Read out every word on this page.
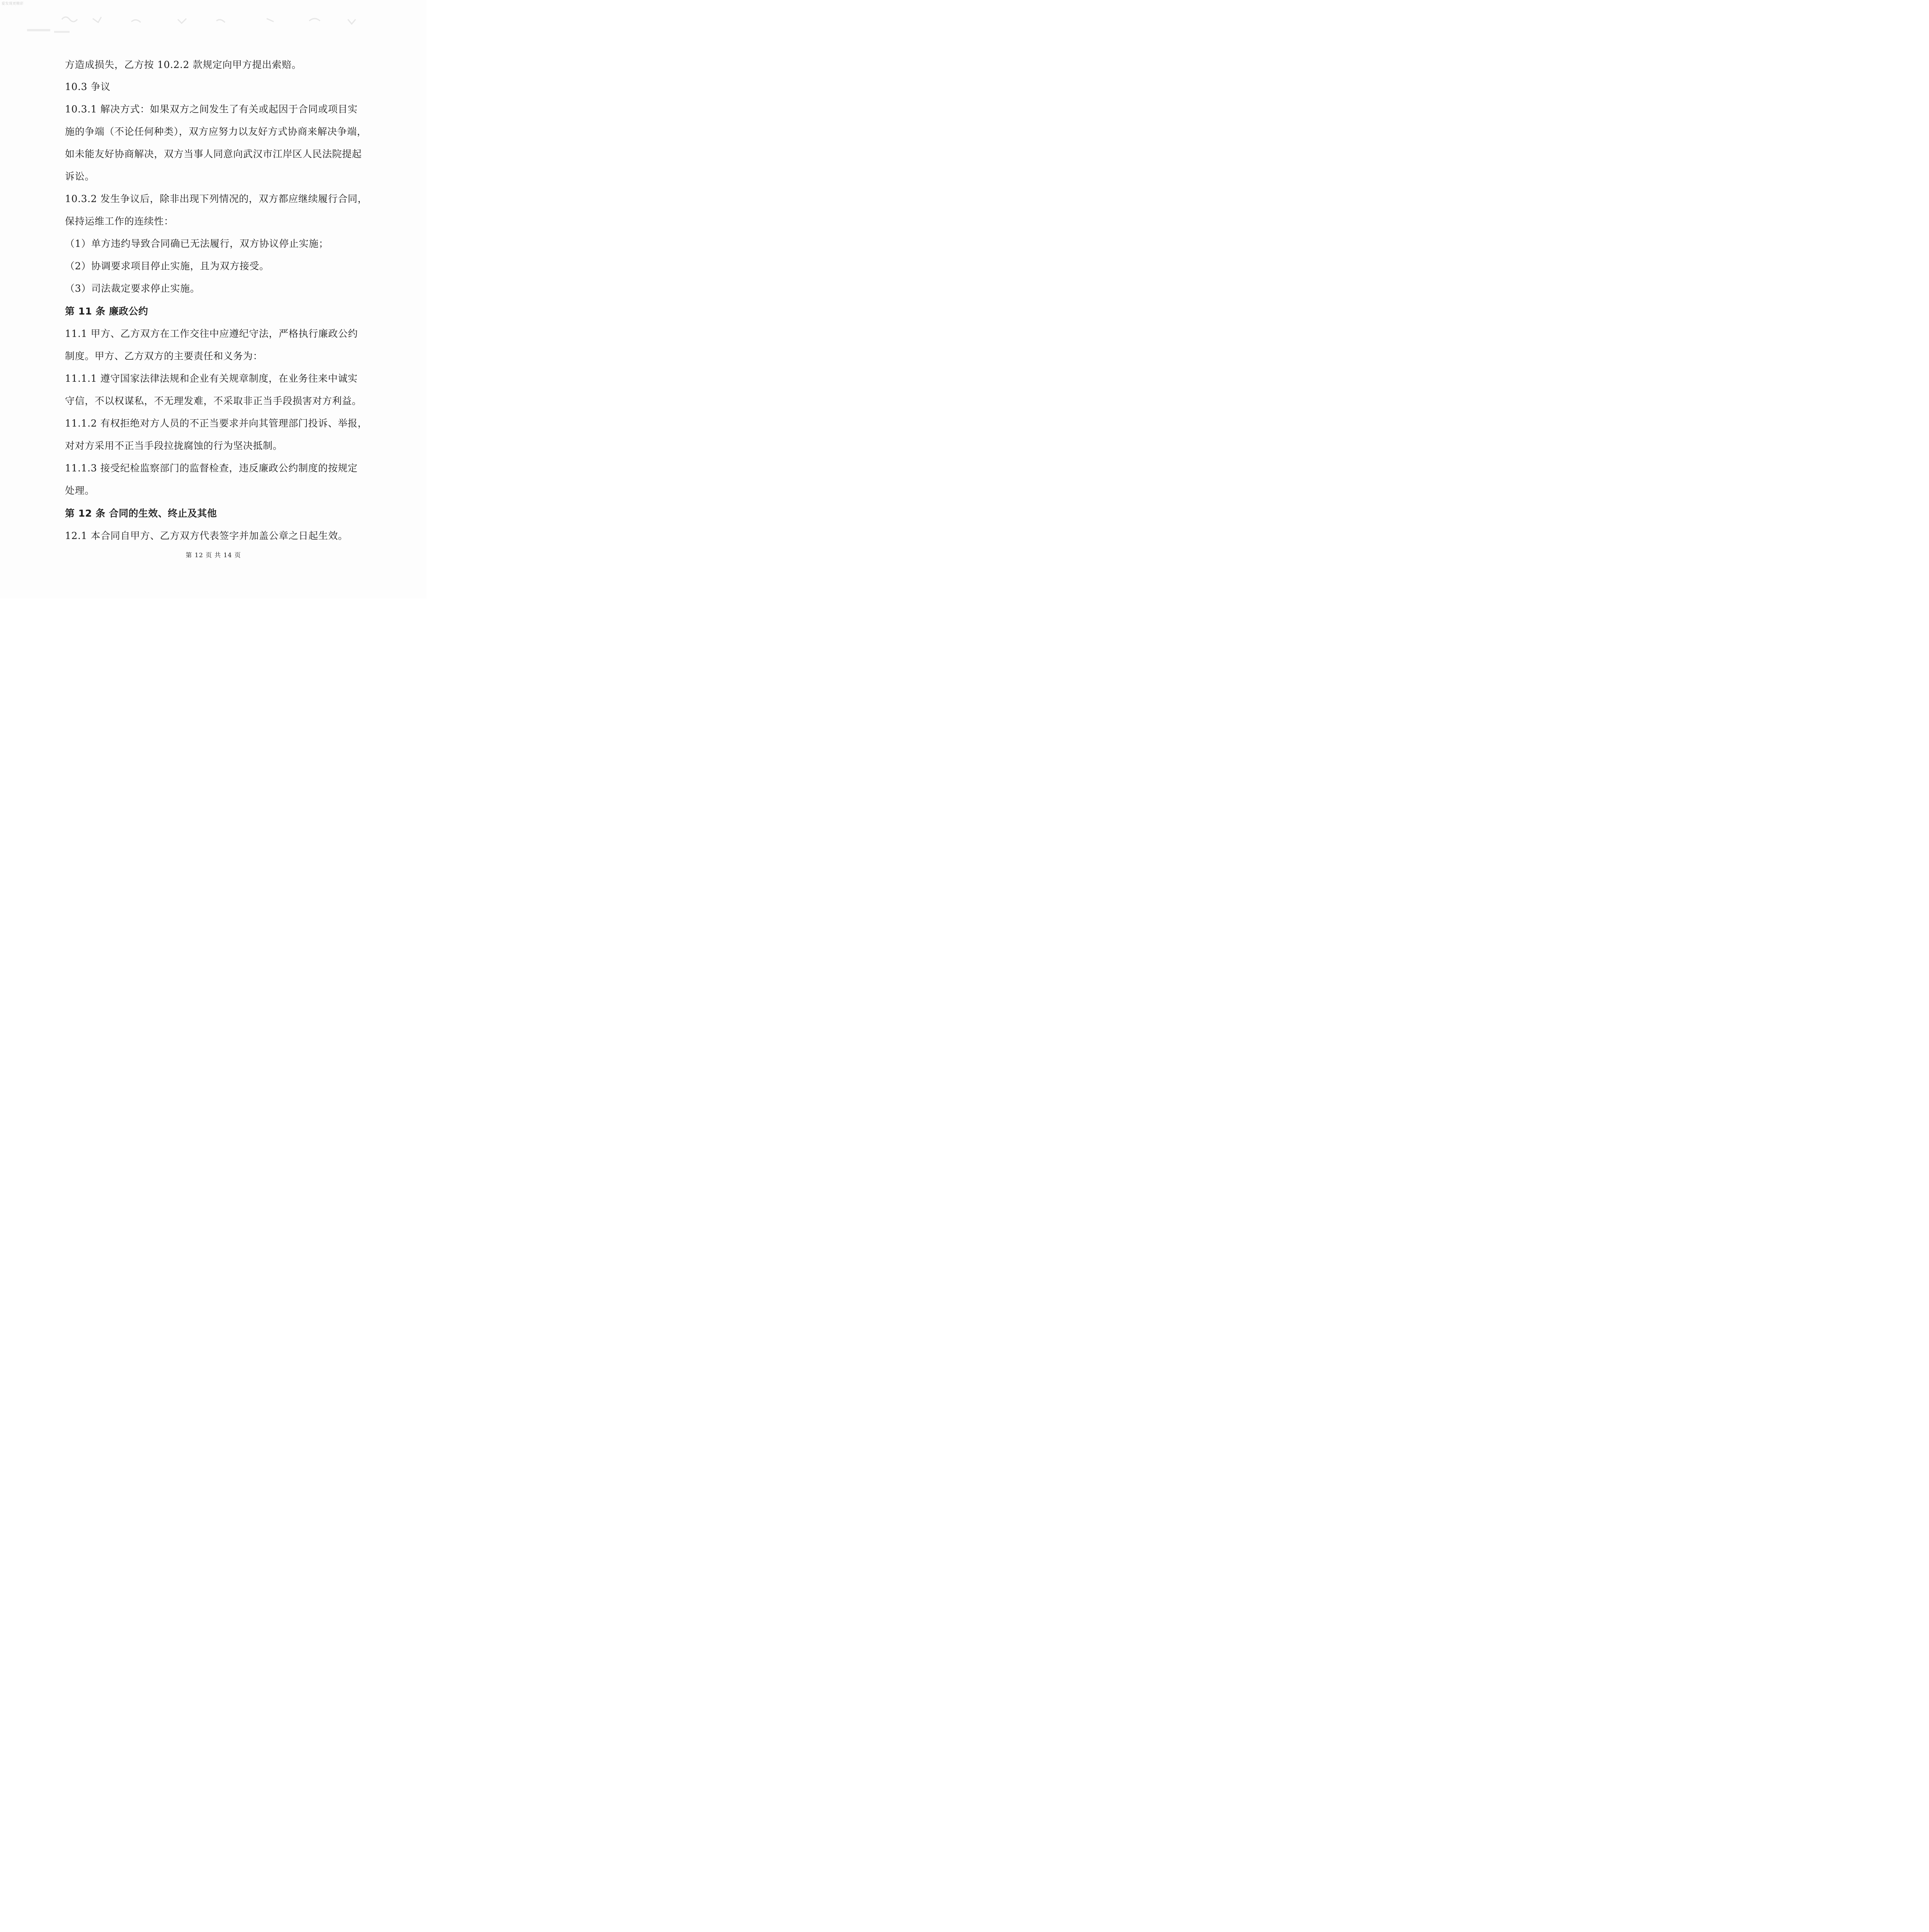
爱发现更精彩
方造成损失，乙方按 10.2.2 款规定向甲方提出索赔。
10.3 争议
10.3.1 解决方式：如果双方之间发生了有关或起因于合同或项目实
施的争端（不论任何种类），双方应努力以友好方式协商来解决争端，
如未能友好协商解决，双方当事人同意向武汉市江岸区人民法院提起
诉讼。
10.3.2 发生争议后，除非出现下列情况的，双方都应继续履行合同，
保持运维工作的连续性：
（1）单方违约导致合同确已无法履行，双方协议停止实施；
（2）协调要求项目停止实施，且为双方接受。
（3）司法裁定要求停止实施。
第 11 条 廉政公约
11.1 甲方、乙方双方在工作交往中应遵纪守法，严格执行廉政公约
制度。甲方、乙方双方的主要责任和义务为：
11.1.1 遵守国家法律法规和企业有关规章制度，在业务往来中诚实
守信，不以权谋私，不无理发难，不采取非正当手段损害对方利益。
11.1.2 有权拒绝对方人员的不正当要求并向其管理部门投诉、举报，
对对方采用不正当手段拉拢腐蚀的行为坚决抵制。
11.1.3 接受纪检监察部门的监督检查，违反廉政公约制度的按规定
处理。
第 12 条 合同的生效、终止及其他
12.1 本合同自甲方、乙方双方代表签字并加盖公章之日起生效。
第 12 页 共 14 页
